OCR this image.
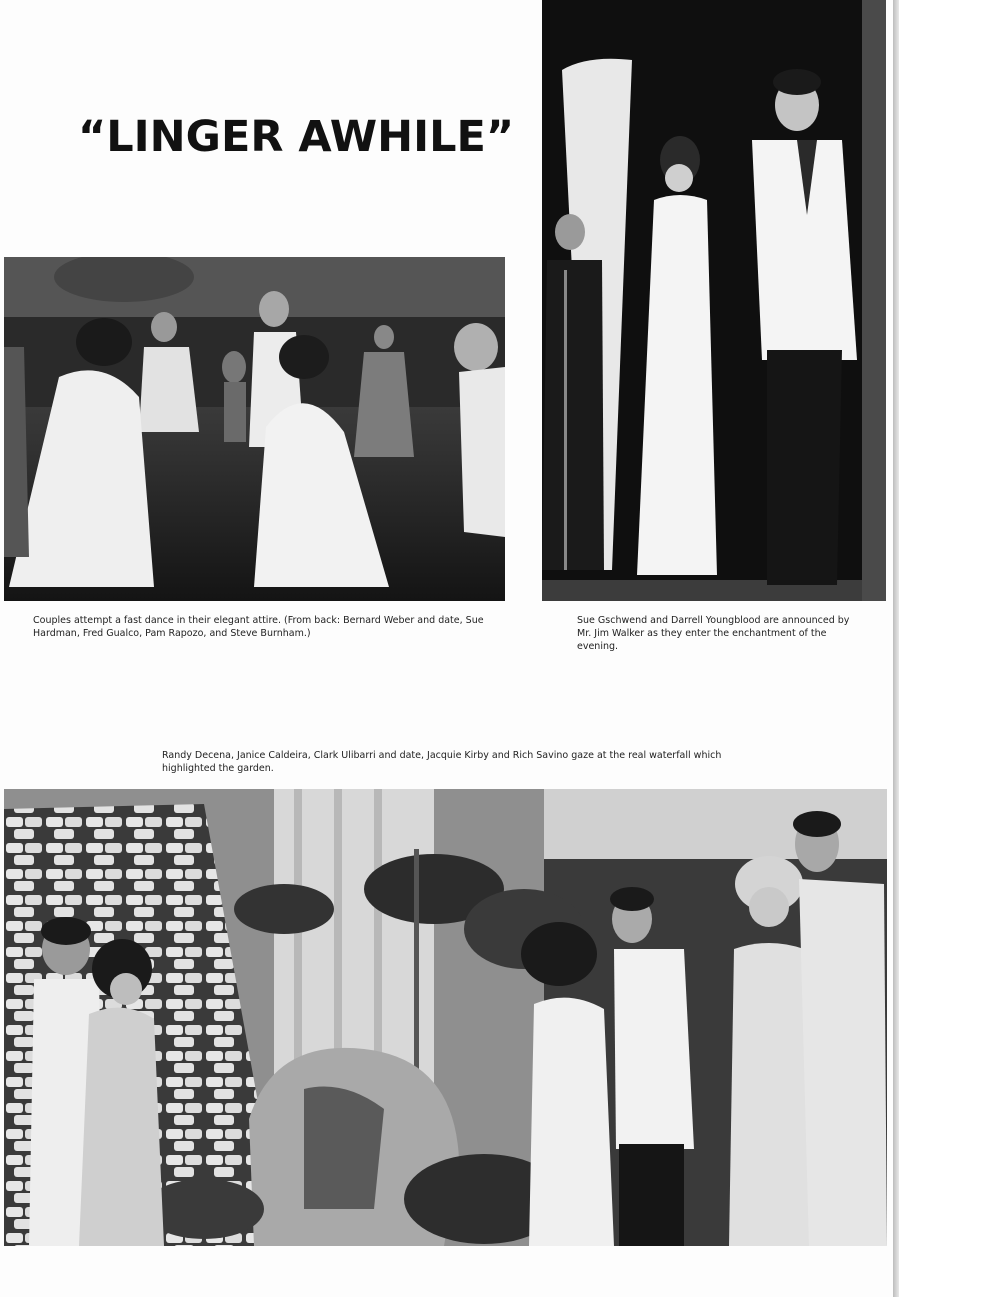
“LINGER AWHILE”
Couples attempt a fast dance in their elegant attire. (From back: Bernard Weber and date, Sue Hardman, Fred Gualco, Pam Rapozo, and Steve Burnham.)
Sue Gschwend and Darrell Youngblood are announced by Mr. Jim Walker as they enter the enchantment of the evening.
Randy Decena, Janice Caldeira, Clark Ulibarri and date, Jacquie Kirby and Rich Savino gaze at the real waterfall which highlighted the garden.
